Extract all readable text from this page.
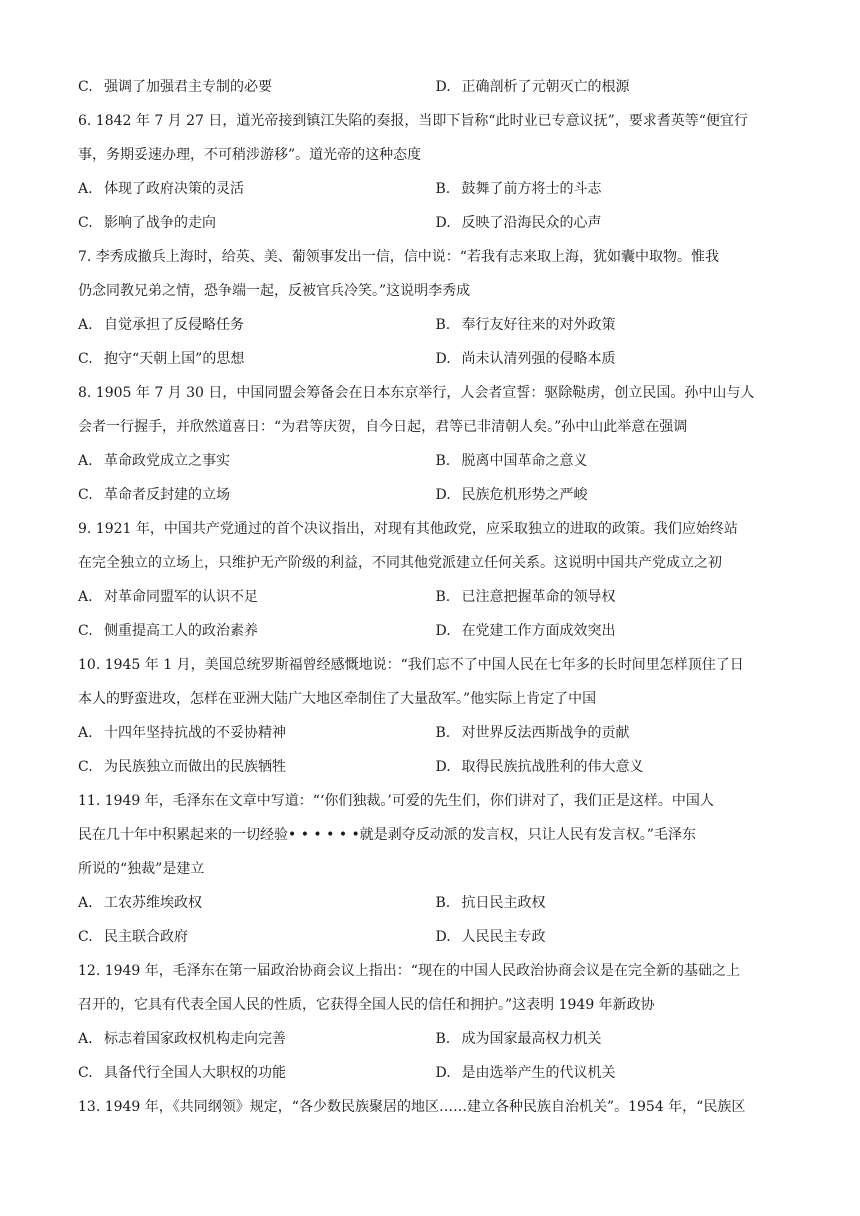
C. 强调了加强君主专制的必要	D. 正确剖析了元朝灭亡的根源
6. 1842 年 7 月 27 日，道光帝接到镇江失陷的奏报，当即下旨称“此时业已专意议抚”，要求耆英等“便宜行
事，务期妥速办理，不可稍涉游移”。道光帝的这种态度
A. 体现了政府决策的灵活	B. 鼓舞了前方将士的斗志
C. 影响了战争的走向	D. 反映了沿海民众的心声
7. 李秀成撤兵上海时，给英、美、葡领事发出一信，信中说：“若我有志来取上海，犹如囊中取物。惟我
仍念同教兄弟之情，恐争端一起，反被官兵冷笑。”这说明李秀成
A. 自觉承担了反侵略任务	B. 奉行友好往来的对外政策
C. 抱守“天朝上国”的思想	D. 尚未认清列强的侵略本质
8. 1905 年 7 月 30 日，中国同盟会筹备会在日本东京举行，人会者宣誓：驱除鞑虏，创立民国。孙中山与人
会者一行握手，并欣然道喜日：“为君等庆贺，自今日起，君等已非清朝人矣。”孙中山此举意在强调
A. 革命政党成立之事实	B. 脱离中国革命之意义
C. 革命者反封建的立场	D. 民族危机形势之严峻
9. 1921 年，中国共产党通过的首个决议指出，对现有其他政党，应采取独立的进取的政策。我们应始终站
在完全独立的立场上，只维护无产阶级的利益，不同其他党派建立任何关系。这说明中国共产党成立之初
A. 对革命同盟军的认识不足	B. 已注意把握革命的领导权
C. 侧重提高工人的政治素养	D. 在党建工作方面成效突出
10. 1945 年 1 月，美国总统罗斯福曾经感慨地说：“我们忘不了中国人民在七年多的长时间里怎样顶住了日
本人的野蛮进攻，怎样在亚洲大陆广大地区牵制住了大量敌军。”他实际上肯定了中国
A. 十四年坚持抗战的不妥协精神	B. 对世界反法西斯战争的贡献
C. 为民族独立而做出的民族牺牲	D. 取得民族抗战胜利的伟大意义
11. 1949 年，毛泽东在文章中写道：“‘你们独裁。’可爱的先生们，你们讲对了，我们正是这样。中国人
民在几十年中积累起来的一切经验• • • • • •就是剥夺反动派的发言权，只让人民有发言权。”毛泽东
所说的“独裁”是建立
A. 工农苏维埃政权	B. 抗日民主政权
C. 民主联合政府	D. 人民民主专政
12. 1949 年，毛泽东在第一届政治协商会议上指出：“现在的中国人民政治协商会议是在完全新的基础之上
召开的，它具有代表全国人民的性质，它获得全国人民的信任和拥护。”这表明 1949 年新政协
A. 标志着国家政权机构走向完善	B. 成为国家最高权力机关
C. 具备代行全国人大职权的功能	D. 是由选举产生的代议机关
13. 1949 年，《共同纲领》规定，“各少数民族聚居的地区……建立各种民族自治机关”。1954 年，“民族区
